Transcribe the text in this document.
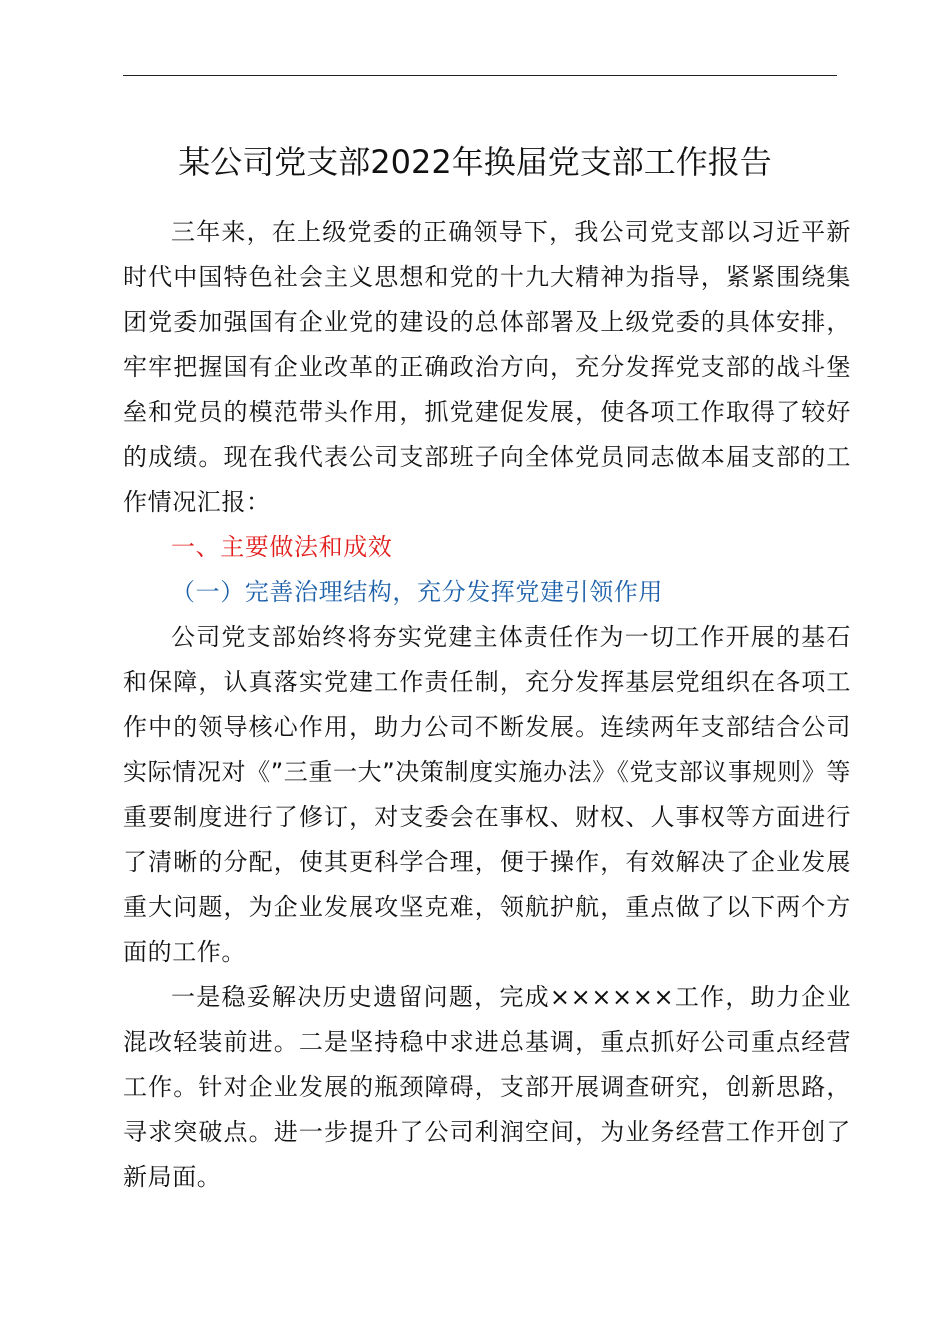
某公司党支部2022年换届党支部工作报告

三年来，在上级党委的正确领导下，我公司党支部以习近平新时代中国特色社会主义思想和党的十九大精神为指导，紧紧围绕集团党委加强国有企业党的建设的总体部署及上级党委的具体安排，牢牢把握国有企业改革的正确政治方向，充分发挥党支部的战斗堡垒和党员的模范带头作用，抓党建促发展，使各项工作取得了较好的成绩。现在我代表公司支部班子向全体党员同志做本届支部的工作情况汇报：

一、主要做法和成效

（一）完善治理结构，充分发挥党建引领作用

公司党支部始终将夯实党建主体责任作为一切工作开展的基石和保障，认真落实党建工作责任制，充分发挥基层党组织在各项工作中的领导核心作用，助力公司不断发展。连续两年支部结合公司实际情况对《”三重一大”决策制度实施办法》《党支部议事规则》等重要制度进行了修订，对支委会在事权、财权、人事权等方面进行了清晰的分配，使其更科学合理，便于操作，有效解决了企业发展重大问题，为企业发展攻坚克难，领航护航，重点做了以下两个方面的工作。

一是稳妥解决历史遗留问题，完成××××××工作，助力企业混改轻装前进。二是坚持稳中求进总基调，重点抓好公司重点经营工作。针对企业发展的瓶颈障碍，支部开展调查研究，创新思路，寻求突破点。进一步提升了公司利润空间，为业务经营工作开创了新局面。
